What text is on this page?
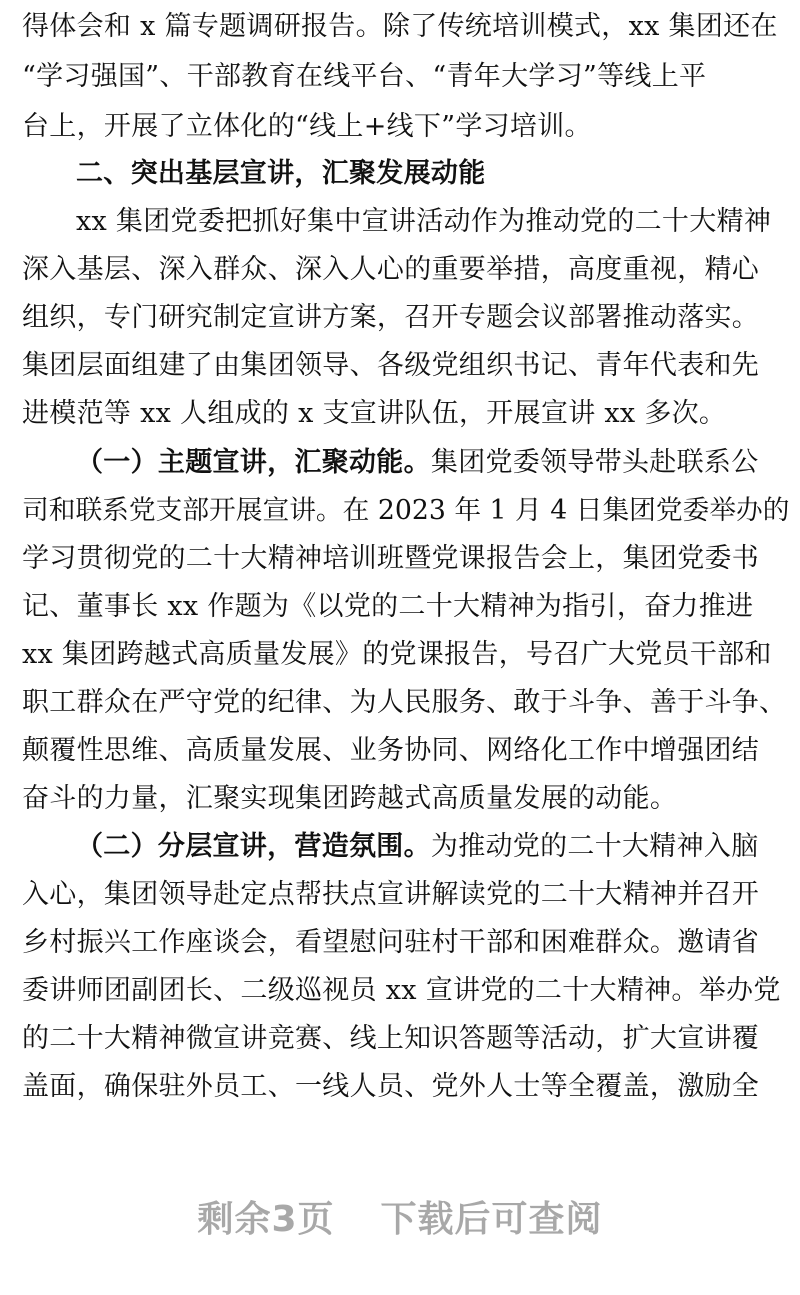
得体会和 x 篇专题调研报告。除了传统培训模式，xx 集团还在
“学习强国”、干部教育在线平台、“青年大学习”等线上平
台上，开展了立体化的“线上+线下”学习培训。
二、突出基层宣讲，汇聚发展动能
xx 集团党委把抓好集中宣讲活动作为推动党的二十大精神
深入基层、深入群众、深入人心的重要举措，高度重视，精心
组织，专门研究制定宣讲方案，召开专题会议部署推动落实。
集团层面组建了由集团领导、各级党组织书记、青年代表和先
进模范等 xx 人组成的 x 支宣讲队伍，开展宣讲 xx 多次。
（一）主题宣讲，汇聚动能。集团党委领导带头赴联系公
司和联系党支部开展宣讲。在 2023 年 1 月 4 日集团党委举办的
学习贯彻党的二十大精神培训班暨党课报告会上，集团党委书
记、董事长 xx 作题为《以党的二十大精神为指引，奋力推进
xx 集团跨越式高质量发展》的党课报告，号召广大党员干部和
职工群众在严守党的纪律、为人民服务、敢于斗争、善于斗争、
颠覆性思维、高质量发展、业务协同、网络化工作中增强团结
奋斗的力量，汇聚实现集团跨越式高质量发展的动能。
（二）分层宣讲，营造氛围。为推动党的二十大精神入脑
入心，集团领导赴定点帮扶点宣讲解读党的二十大精神并召开
乡村振兴工作座谈会，看望慰问驻村干部和困难群众。邀请省
委讲师团副团长、二级巡视员 xx 宣讲党的二十大精神。举办党
的二十大精神微宣讲竞赛、线上知识答题等活动，扩大宣讲覆
盖面，确保驻外员工、一线人员、党外人士等全覆盖，激励全
剩余3页 下载后可查阅
